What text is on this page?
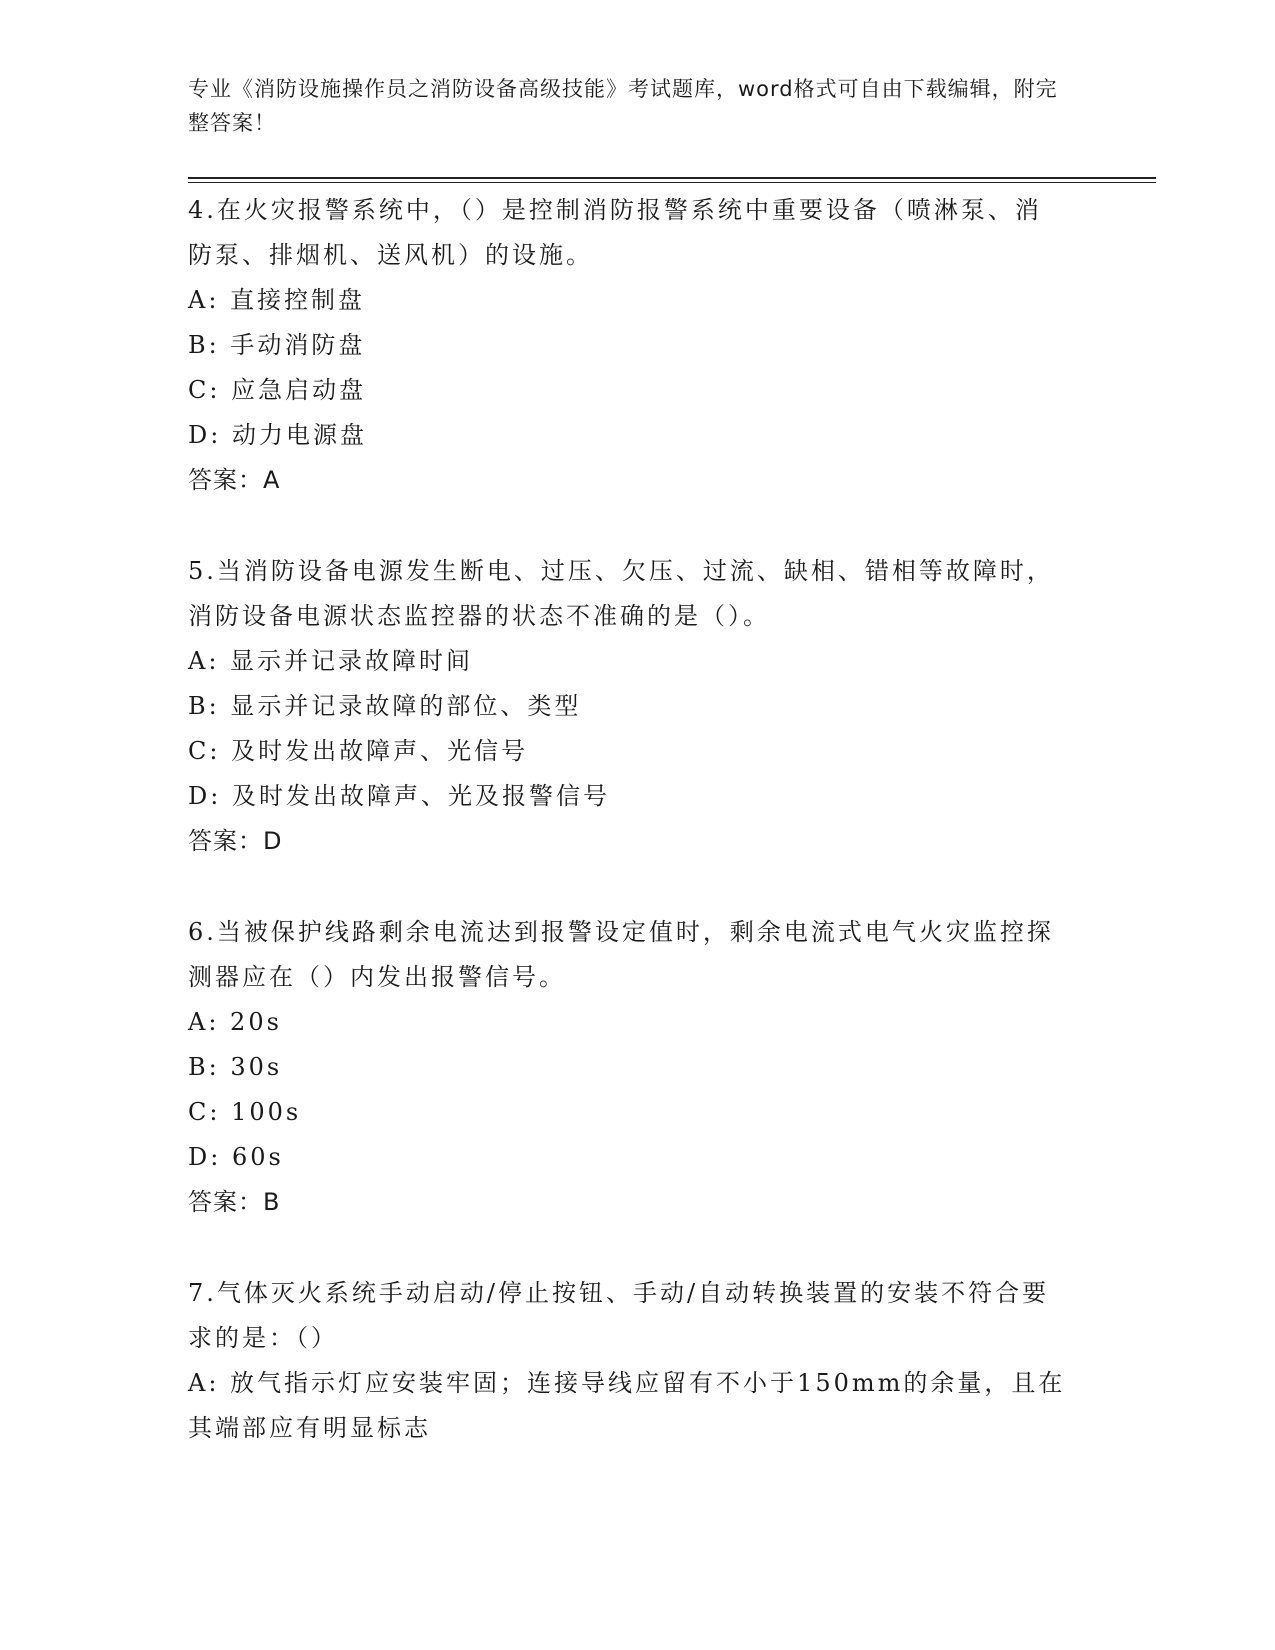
专业《消防设施操作员之消防设备高级技能》考试题库，word格式可自由下载编辑，附完整答案！

4.在火灾报警系统中，（）是控制消防报警系统中重要设备（喷淋泵、消防泵、排烟机、送风机）的设施。

A: 直接控制盘

B: 手动消防盘

C: 应急启动盘

D: 动力电源盘

答案：A

5.当消防设备电源发生断电、过压、欠压、过流、缺相、错相等故障时，消防设备电源状态监控器的状态不准确的是（）。

A: 显示并记录故障时间

B: 显示并记录故障的部位、类型

C: 及时发出故障声、光信号

D: 及时发出故障声、光及报警信号

答案：D

6.当被保护线路剩余电流达到报警设定值时，剩余电流式电气火灾监控探测器应在（）内发出报警信号。

A: 20s

B: 30s

C: 100s

D: 60s

答案：B

7.气体灭火系统手动启动/停止按钮、手动/自动转换装置的安装不符合要求的是：（）

A: 放气指示灯应安装牢固；连接导线应留有不小于150mm的余量，且在其端部应有明显标志
